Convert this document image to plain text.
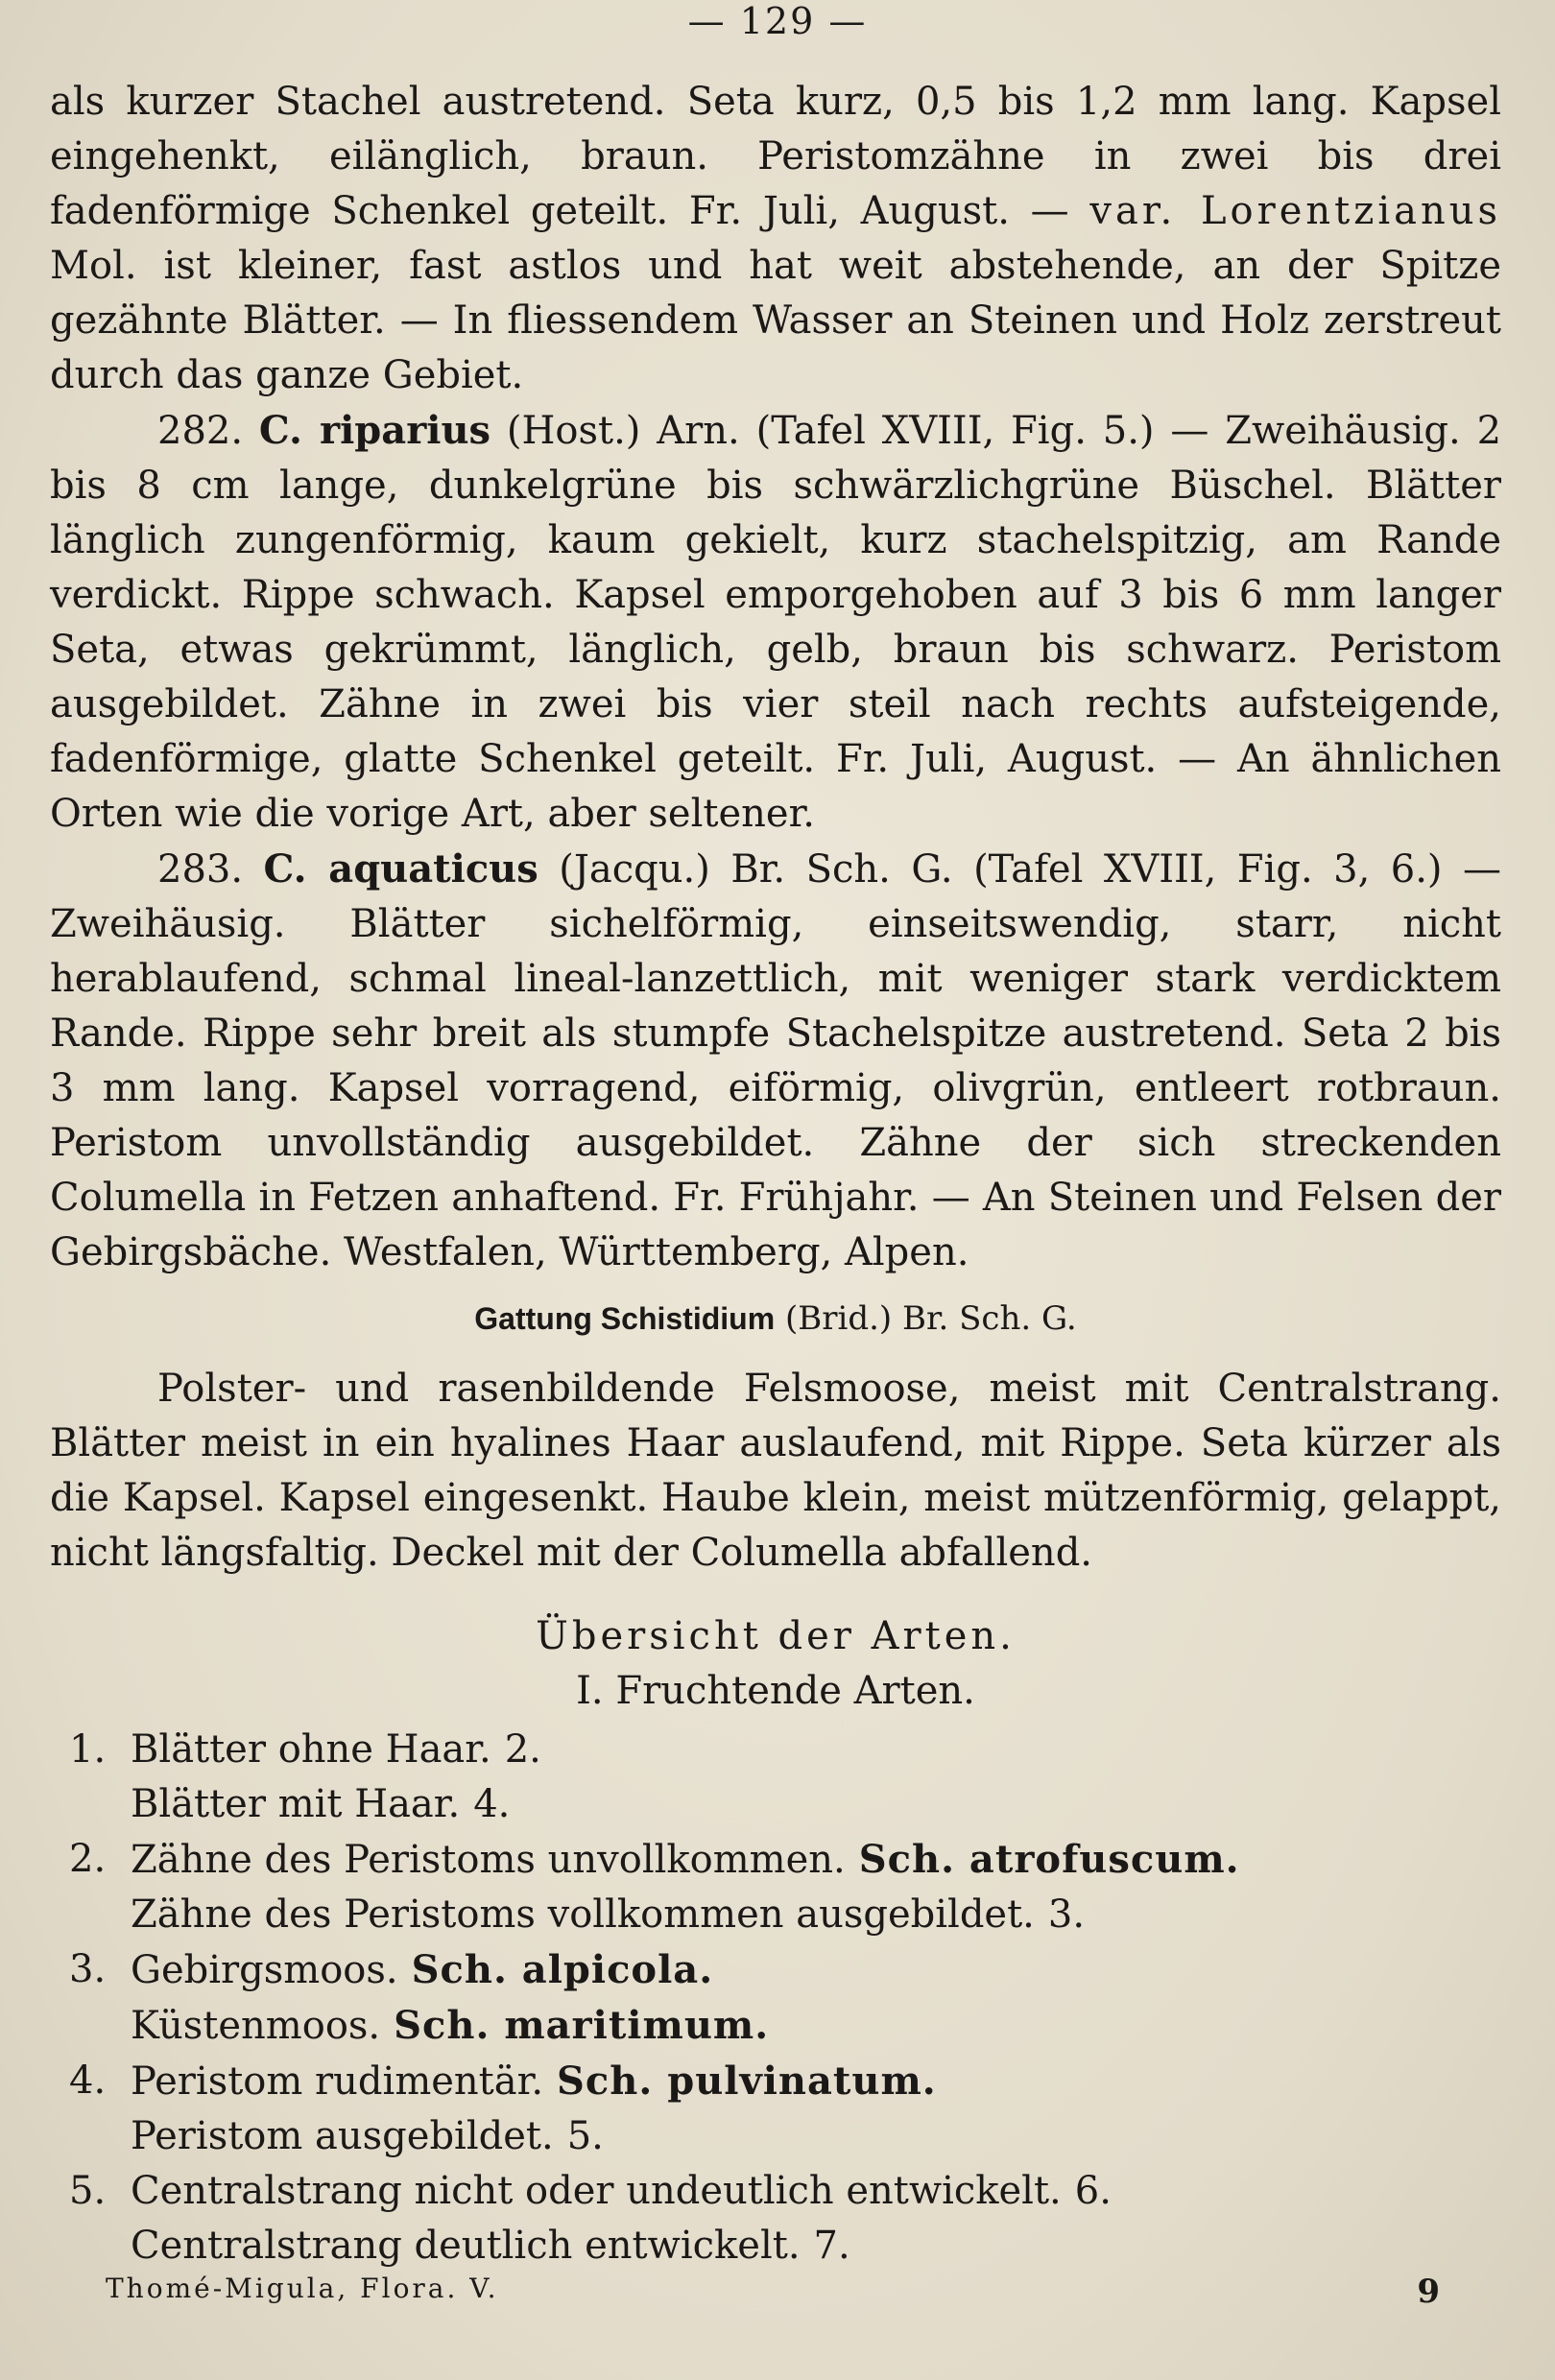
— 129 —

als kurzer Stachel austretend. Seta kurz, 0,5 bis 1,2 mm lang. Kapsel eingehenkt, eilänglich, braun. Peristomzähne in zwei bis drei fadenförmige Schenkel geteilt. Fr. Juli, August. — var. Lorentzianus Mol. ist kleiner, fast astlos und hat weit abstehende, an der Spitze gezähnte Blätter. — In fliessendem Wasser an Steinen und Holz zerstreut durch das ganze Gebiet.

282. C. riparius (Host.) Arn. (Tafel XVIII, Fig. 5.) — Zweihäusig. 2 bis 8 cm lange, dunkelgrüne bis schwärzlichgrüne Büschel. Blätter länglich zungenförmig, kaum gekielt, kurz stachelspitzig, am Rande verdickt. Rippe schwach. Kapsel emporgehoben auf 3 bis 6 mm langer Seta, etwas gekrümmt, länglich, gelb, braun bis schwarz. Peristom ausgebildet. Zähne in zwei bis vier steil nach rechts aufsteigende, fadenförmige, glatte Schenkel geteilt. Fr. Juli, August. — An ähnlichen Orten wie die vorige Art, aber seltener.

283. C. aquaticus (Jacqu.) Br. Sch. G. (Tafel XVIII, Fig. 3, 6.) — Zweihäusig. Blätter sichelförmig, einseitswendig, starr, nicht herablaufend, schmal lineal-lanzettlich, mit weniger stark verdicktem Rande. Rippe sehr breit als stumpfe Stachelspitze austretend. Seta 2 bis 3 mm lang. Kapsel vorragend, eiförmig, olivgrün, entleert rotbraun. Peristom unvollständig ausgebildet. Zähne der sich streckenden Columella in Fetzen anhaftend. Fr. Frühjahr. — An Steinen und Felsen der Gebirgsbäche. Westfalen, Württemberg, Alpen.

Gattung Schistidium (Brid.) Br. Sch. G.

Polster- und rasenbildende Felsmoose, meist mit Centralstrang. Blätter meist in ein hyalines Haar auslaufend, mit Rippe. Seta kürzer als die Kapsel. Kapsel eingesenkt. Haube klein, meist mützenförmig, gelappt, nicht längsfaltig. Deckel mit der Columella abfallend.

Übersicht der Arten.
I. Fruchtende Arten.
1. Blätter ohne Haar. 2.
Blätter mit Haar. 4.
2. Zähne des Peristoms unvollkommen. Sch. atrofuscum.
Zähne des Peristoms vollkommen ausgebildet. 3.
3. Gebirgsmoos. Sch. alpicola.
Küstenmoos. Sch. maritimum.
4. Peristom rudimentär. Sch. pulvinatum.
Peristom ausgebildet. 5.
5. Centralstrang nicht oder undeutlich entwickelt. 6.
Centralstrang deutlich entwickelt. 7.
Thomé-Migula, Flora. V.	9
